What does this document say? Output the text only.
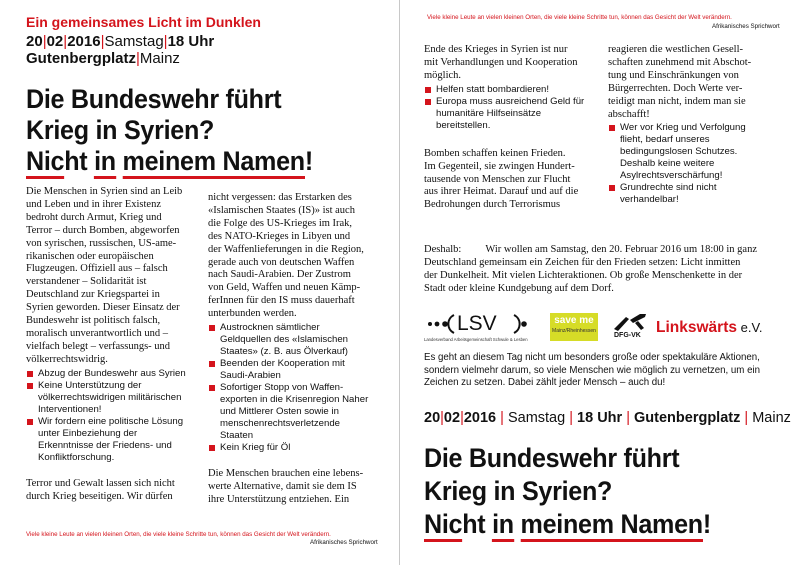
Ein gemeinsames Licht im Dunklen
20|02|2016|Samstag|18 Uhr
Gutenbergplatz|Mainz
Die Bundeswehr führt
Krieg in Syrien?
Nicht in meinem Namen!
Die Menschen in Syrien sind an Leib
und Leben und in ihrer Existenz
bedroht durch Armut, Krieg und
Terror – durch Bomben, abgeworfen
von syrischen, russischen, US-ame-
rikanischen oder europäischen
Flugzeugen. Offiziell aus – falsch
verstandener – Solidarität ist
Deutschland zur Kriegspartei in
Syrien geworden. Dieser Einsatz der
Bundeswehr ist politisch falsch,
moralisch unverantwortlich und –
vielfach belegt – verfassungs- und
völkerrechtswidrig.
Abzug der Bundeswehr aus Syrien
Keine Unterstützung der
völkerrechtswidrigen militärischen
Interventionen!
Wir fordern eine politische Lösung
unter Einbeziehung der
Erkenntnisse der Friedens- und
Konfliktforschung.
Terror und Gewalt lassen sich nicht
durch Krieg beseitigen. Wir dürfen
nicht vergessen: das Erstarken des
«Islamischen Staates (IS)» ist auch
die Folge des US-Krieges im Irak,
des NATO-Krieges in Libyen und
der Waffenlieferungen in die Region,
gerade auch von deutschen Waffen
nach Saudi-Arabien. Der Zustrom
von Geld, Waffen und neuen Kämp-
ferInnen für den IS muss dauerhaft
unterbunden werden.
Austrocknen sämtlicher
Geldquellen des «Islamischen
Staates» (z. B. aus Ölverkauf)
Beenden der Kooperation mit
Saudi-Arabien
Sofortiger Stopp von Waffen-
exporten in die Krisenregion Naher
und Mittlerer Osten sowie in
menschenrechtsverletzende
Staaten
Kein Krieg für Öl
Die Menschen brauchen eine lebens-
werte Alternative, damit sie dem IS
ihre Unterstützung entziehen. Ein
Viele kleine Leute an vielen kleinen Orten, die viele kleine Schritte tun, können das Gesicht der Welt verändern.
Afrikanisches Sprichwort
Viele kleine Leute an vielen kleinen Orten, die viele kleine Schritte tun, können das Gesicht der Welt verändern.
Afrikanisches Sprichwort
Ende des Krieges in Syrien ist nur
mit Verhandlungen und Kooperation
möglich.
Helfen statt bombardieren!
Europa muss ausreichend Geld für
humanitäre Hilfseinsätze
bereitstellen.
Bomben schaffen keinen Frieden.
Im Gegenteil, sie zwingen Hundert-
tausende von Menschen zur Flucht
aus ihrer Heimat. Darauf und auf die
Bedrohungen durch Terrorismus
reagieren die westlichen Gesell-
schaften zunehmend mit Abschot-
tung und Einschränkungen von
Bürgerrechten. Doch Werte ver-
teidigt man nicht, indem man sie
abschafft!
Wer vor Krieg und Verfolgung
flieht, bedarf unseres
bedingungslosen Schutzes.
Deshalb keine weitere
Asylrechtsverschärfung!
Grundrechte sind nicht
verhandelbar!
Deshalb: Wir wollen am Samstag, den 20. Februar 2016 um 18:00 in ganz
Deutschland gemeinsam ein Zeichen für den Frieden setzen: Licht inmitten
der Dunkelheit. Mit vielen Lichteraktionen. Ob große Menschenkette in der
Stadt oder kleine Kundgebung auf dem Dorf.
LSV
Landesverband Arbeitsgemeinschaft Schwule & Lesben
save me
Mainz/Rheinhessen
DFG-VK Linkswärts e.V.
Es geht an diesem Tag nicht um besonders große oder spektakuläre Aktionen,
sondern vielmehr darum, so viele Menschen wie möglich zu vernetzen, um ein
Zeichen zu setzen. Dabei zählt jeder Mensch – auch du!
20|02|2016 | Samstag | 18 Uhr | Gutenbergplatz | Mainz
Die Bundeswehr führt
Krieg in Syrien?
Nicht in meinem Namen!
